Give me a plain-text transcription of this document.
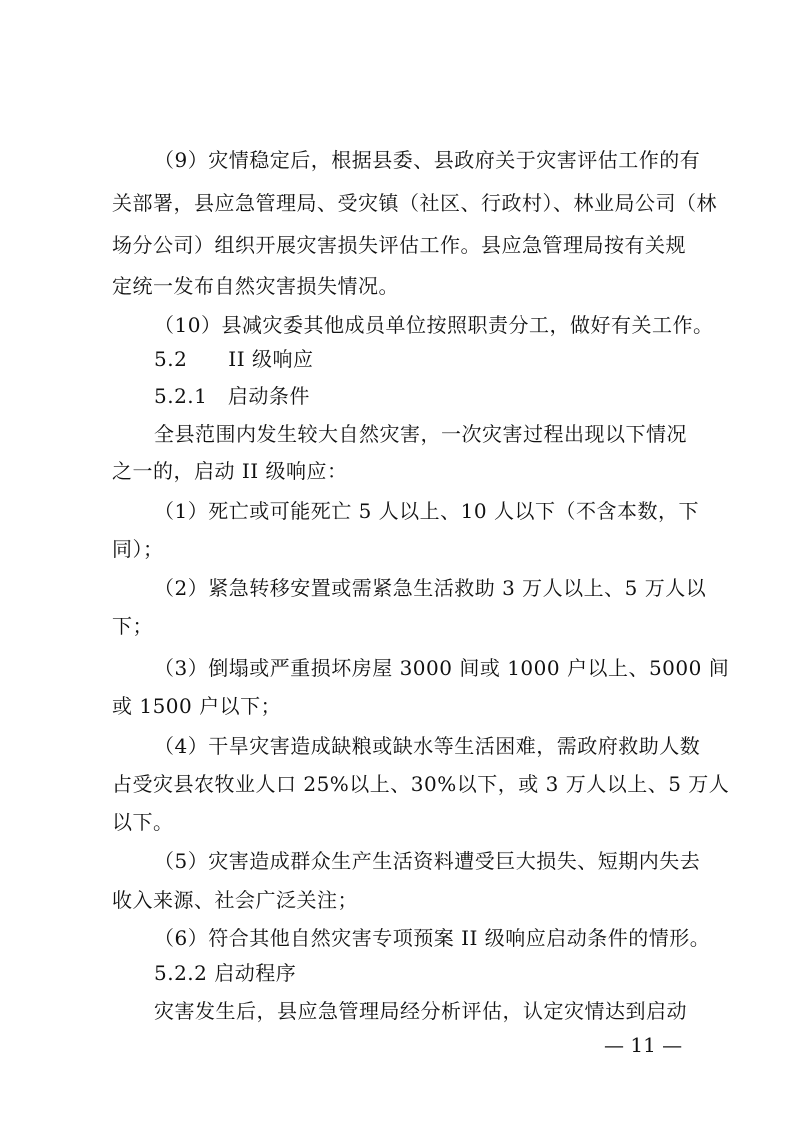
（9）灾情稳定后，根据县委、县政府关于灾害评估工作的有
关部署，县应急管理局、受灾镇（社区、行政村）、林业局公司（林
场分公司）组织开展灾害损失评估工作。县应急管理局按有关规
定统一发布自然灾害损失情况。
（10）县减灾委其他成员单位按照职责分工，做好有关工作。
5.2　　II 级响应
5.2.1　启动条件
全县范围内发生较大自然灾害，一次灾害过程出现以下情况
之一的，启动 II 级响应：
（1）死亡或可能死亡 5 人以上、10 人以下（不含本数，下
同）；
（2）紧急转移安置或需紧急生活救助 3 万人以上、5 万人以
下；
（3）倒塌或严重损坏房屋 3000 间或 1000 户以上、5000 间
或 1500 户以下；
（4）干旱灾害造成缺粮或缺水等生活困难，需政府救助人数
占受灾县农牧业人口 25%以上、30%以下，或 3 万人以上、5 万人
以下。
（5）灾害造成群众生产生活资料遭受巨大损失、短期内失去
收入来源、社会广泛关注；
（6）符合其他自然灾害专项预案 II 级响应启动条件的情形。
5.2.2 启动程序
灾害发生后，县应急管理局经分析评估，认定灾情达到启动
— 11 —
